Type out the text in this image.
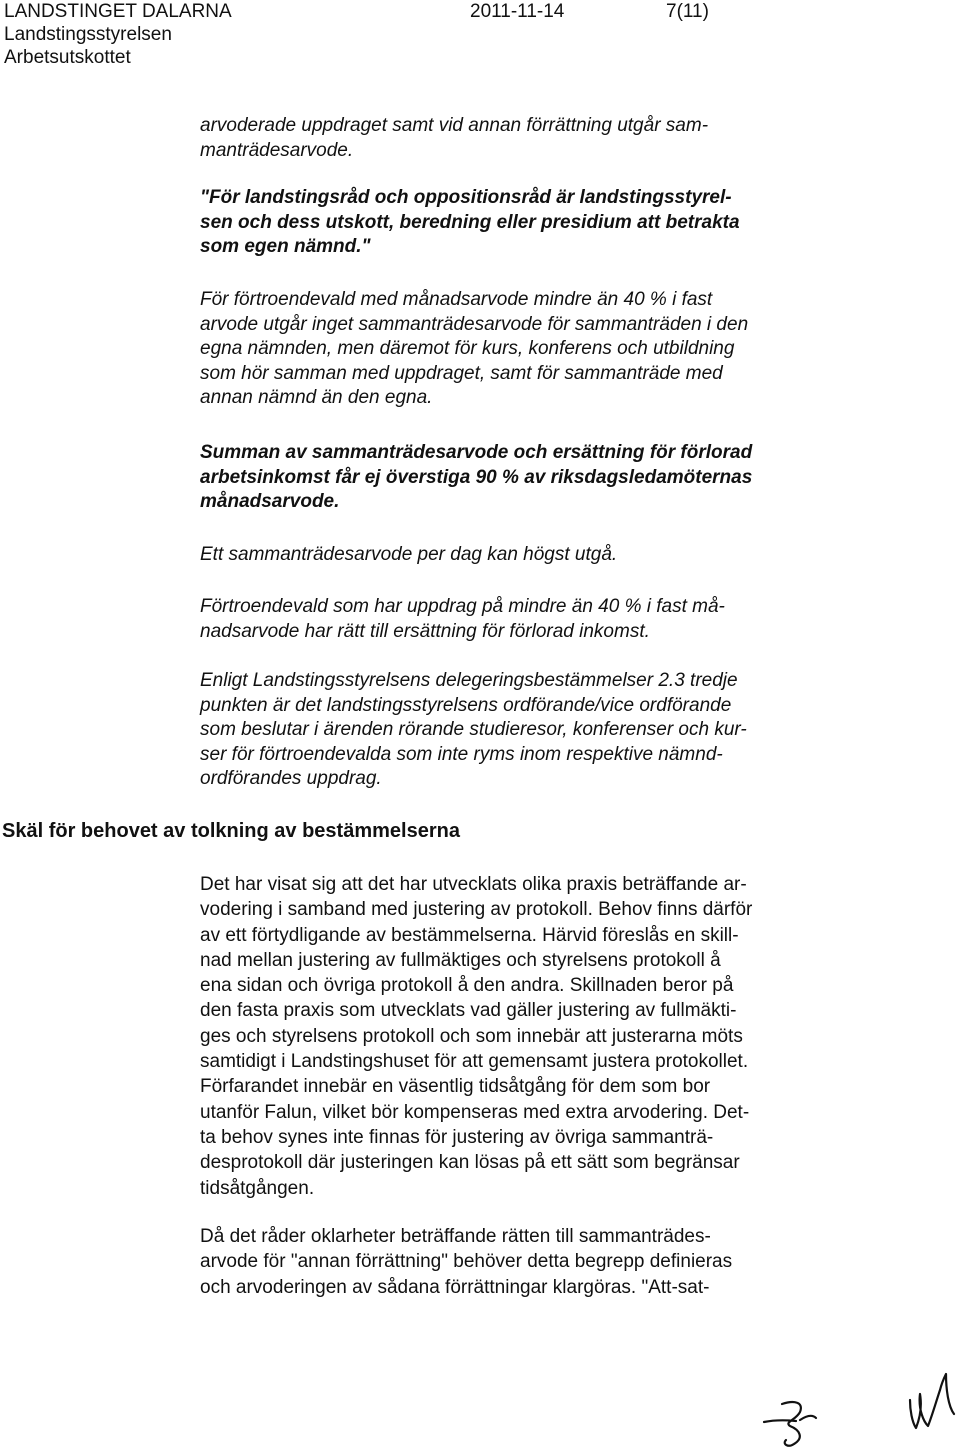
LANDSTINGET DALARNA	2011-11-14	7(11)
Landstingsstyrelsen
Arbetsutskottet
arvoderade uppdraget samt vid annan förrättning utgår sam-
manträdesarvode.
"För landstingsråd och oppositionsråd är landstingsstyrel-
sen och dess utskott, beredning eller presidium att betrakta
som egen nämnd."
För förtroendevald med månadsarvode mindre än 40 % i fast
arvode utgår inget sammanträdesarvode för sammanträden i den
egna nämnden, men däremot för kurs, konferens och utbildning
som hör samman med uppdraget, samt för sammanträde med
annan nämnd än den egna.
Summan av sammanträdesarvode och ersättning för förlorad
arbetsinkomst får ej överstiga 90 % av riksdagsledamöternas
månadsarvode.
Ett sammanträdesarvode per dag kan högst utgå.
Förtroendevald som har uppdrag på mindre än 40 % i fast må-
nadsarvode har rätt till ersättning för förlorad inkomst.
Enligt Landstingsstyrelsens delegeringsbestämmelser 2.3 tredje
punkten är det landstingsstyrelsens ordförande/vice ordförande
som beslutar i ärenden rörande studieresor, konferenser och kur-
ser för förtroendevalda som inte ryms inom respektive nämnd-
ordförandes uppdrag.
Skäl för behovet av tolkning av bestämmelserna
Det har visat sig att det har utvecklats olika praxis beträffande ar-
vodering i samband med justering av protokoll. Behov finns därför
av ett förtydligande av bestämmelserna. Härvid föreslås en skill-
nad mellan justering av fullmäktiges och styrelsens protokoll å
ena sidan och övriga protokoll å den andra. Skillnaden beror på
den fasta praxis som utvecklats vad gäller justering av fullmäkti-
ges och styrelsens protokoll och som innebär att justerarna möts
samtidigt i Landstingshuset för att gemensamt justera protokollet.
Förfarandet innebär en väsentlig tidsåtgång för dem som bor
utanför Falun, vilket bör kompenseras med extra arvodering. Det-
ta behov synes inte finnas för justering av övriga sammanträ-
desprotokoll där justeringen kan lösas på ett sätt som begränsar
tidsåtgången.
Då det råder oklarheter beträffande rätten till sammanträdes-
arvode för "annan förrättning" behöver detta begrepp definieras
och arvoderingen av sådana förrättningar klargöras. "Att-sat-
